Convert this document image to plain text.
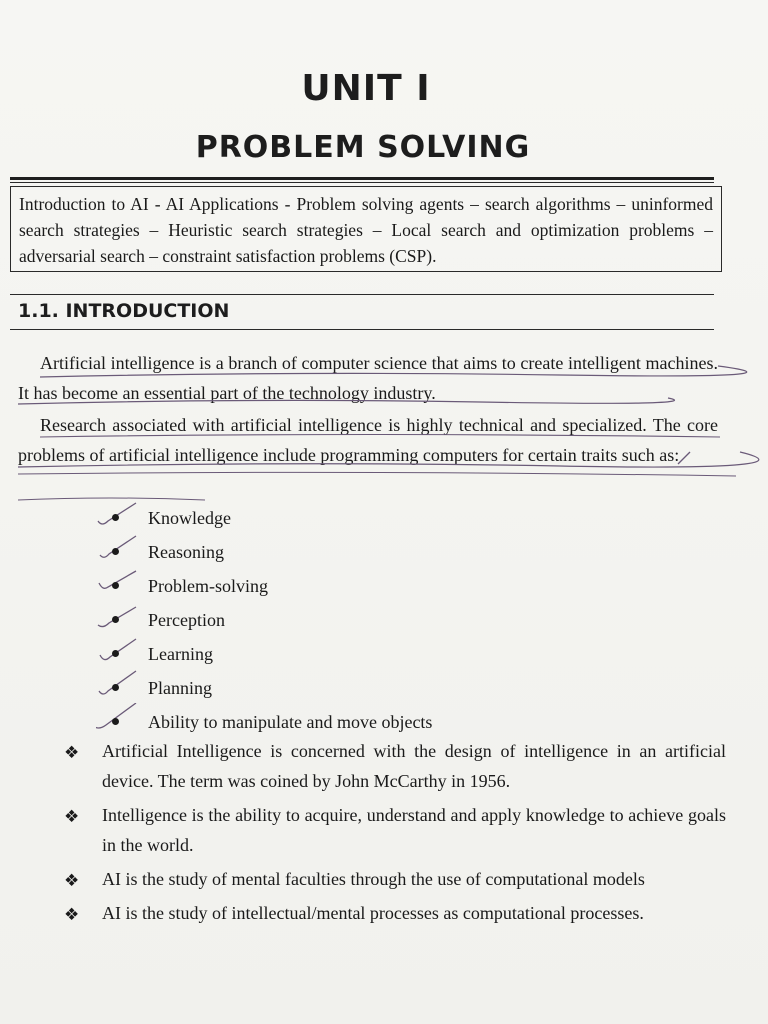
UNIT I
PROBLEM SOLVING
Introduction to AI - AI Applications - Problem solving agents – search algorithms – uninformed search strategies – Heuristic search strategies – Local search and optimization problems – adversarial search – constraint satisfaction problems (CSP).
1.1. INTRODUCTION
Artificial intelligence is a branch of computer science that aims to create intelligent machines. It has become an essential part of the technology industry.
Research associated with artificial intelligence is highly technical and specialized. The core problems of artificial intelligence include programming computers for certain traits such as:
Knowledge
Reasoning
Problem-solving
Perception
Learning
Planning
Ability to manipulate and move objects
❖ Artificial Intelligence is concerned with the design of intelligence in an artificial device. The term was coined by John McCarthy in 1956.
❖ Intelligence is the ability to acquire, understand and apply knowledge to achieve goals in the world.
❖ AI is the study of mental faculties through the use of computational models
❖ AI is the study of intellectual/mental processes as computational processes.
